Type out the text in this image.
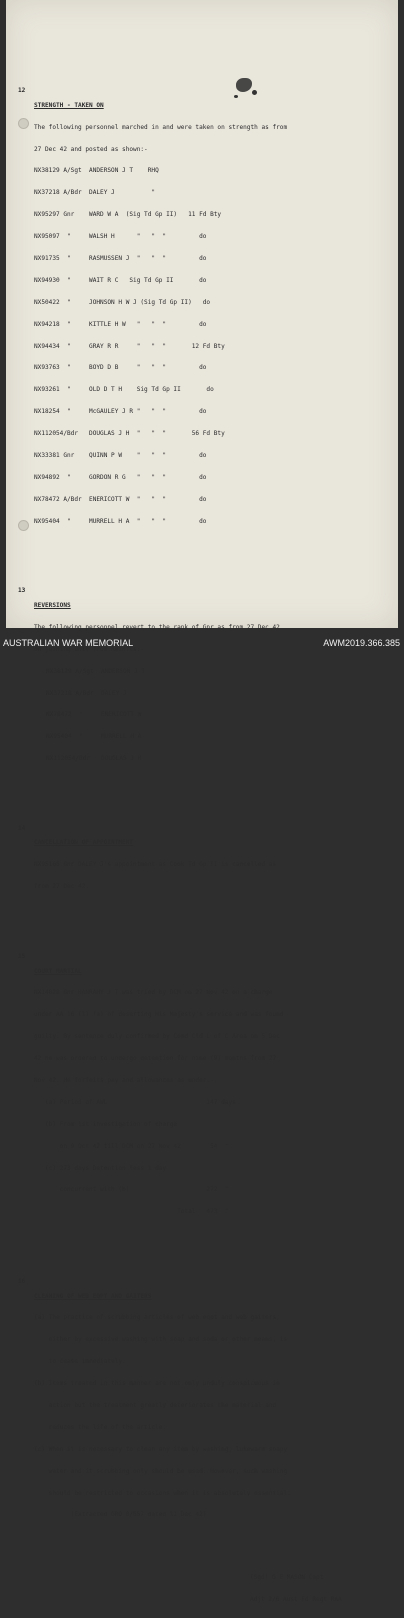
12

STRENGTH - TAKEN ON

The following personnel marched in and were taken on strength as from

27 Dec 42 and posted as shown:-

NX38129 A/Sgt  ANDERSON J T    RHQ

NX37218 A/Bdr  DALEY J          "

NX95297 Gnr    WARD W A  (Sig Td Gp II)   11 Fd Bty

NX95097  "     WALSH H      "   "  "         do

NX91735  "     RASMUSSEN J  "   "  "         do

NX94930  "     WAIT R C   Sig Td Gp II       do

NX50422  "     JOHNSON H W J (Sig Td Gp II)   do

NX94218  "     KITTLE H W   "   "  "         do

NX94434  "     GRAY R R     "   "  "       12 Fd Bty

NX93763  "     BOYD D B     "   "  "         do

NX93261  "     OLD D T H    Sig Td Gp II       do

NX18254  "     McGAULEY J R "   "  "         do

NX112054/Bdr   DOUGLAS J H  "   "  "       56 Fd Bty

NX33381 Gnr    QUINN P W    "   "  "         do

NX94892  "     GORDON R G   "   "  "         do

NX78472 A/Bdr  ENERICOTT W  "   "  "         do

NX95404  "     MURRELL H A  "   "  "         do

13

REVERSIONS

The following personnel revert to the rank of Gnr as from 27 Dec 42

on joining unit from Reinfts:-

NX38129 A/Sgt  ANDERSON J T

NX37218 A/Bdr  DALEY J

NX78472  "     ENERICOTT W

NX95404  "     MURRELL H A

NX112054/Bdr   DOUGLAS J H

14

CANCELLATION OF APPOINTMENT

NX95166 Gnr DALEY J's appointment as Cook Td Gp II is cancelled as

from 27 Dec 42.

15

COURT MARTIAL

NX14828 Gnr HANRAHY J T was tried by DCM on 27 Nov 42 on a charge

under AA 16 (1) (a) of deserting His Majesty's service and was found

guilty. By sentence duly confirmed by Comd Cld L of C Area on 5 Dec

42 he was ordered to undergo detention for nine (9) months from 27

Nov 42. He forfeits pay and allowances as under:-

(a) Period of AWL                           147 days

(b) From 1st investigation of charge

on 9 Oct 42 till DCM on 27 Nov 42        54  "

(c) 273 days Detention less 1 day

concurrent with (b)                     272  "

Total   473  "

16

CLEANING OF WEB EQPT AND GAITERS

(a) The practice of scrubbing articles of web eqpt and web gaiters,

either by excessive washing with soap and soda or other means, is

to cease immediately.

(b) Items treated in this manner are not only unduly conspicuous in

action but the treatment greatly deteriorates the material and

reduces the life of the article.

(c) When it is necessary to clean any item by washing, lukewarm soapy

water and it scrubbing only should be used. However, such washing

should be restricted to occasions when it is absolutely essential.

(Extracted GRO 0/657 dated 11 Dec 42).

(Sgd) G E MASON Capt

Adjt 2/6 Aust Fd Regt RAA

AUSTRALIAN WAR MEMORIAL	AWM2019.366.385
